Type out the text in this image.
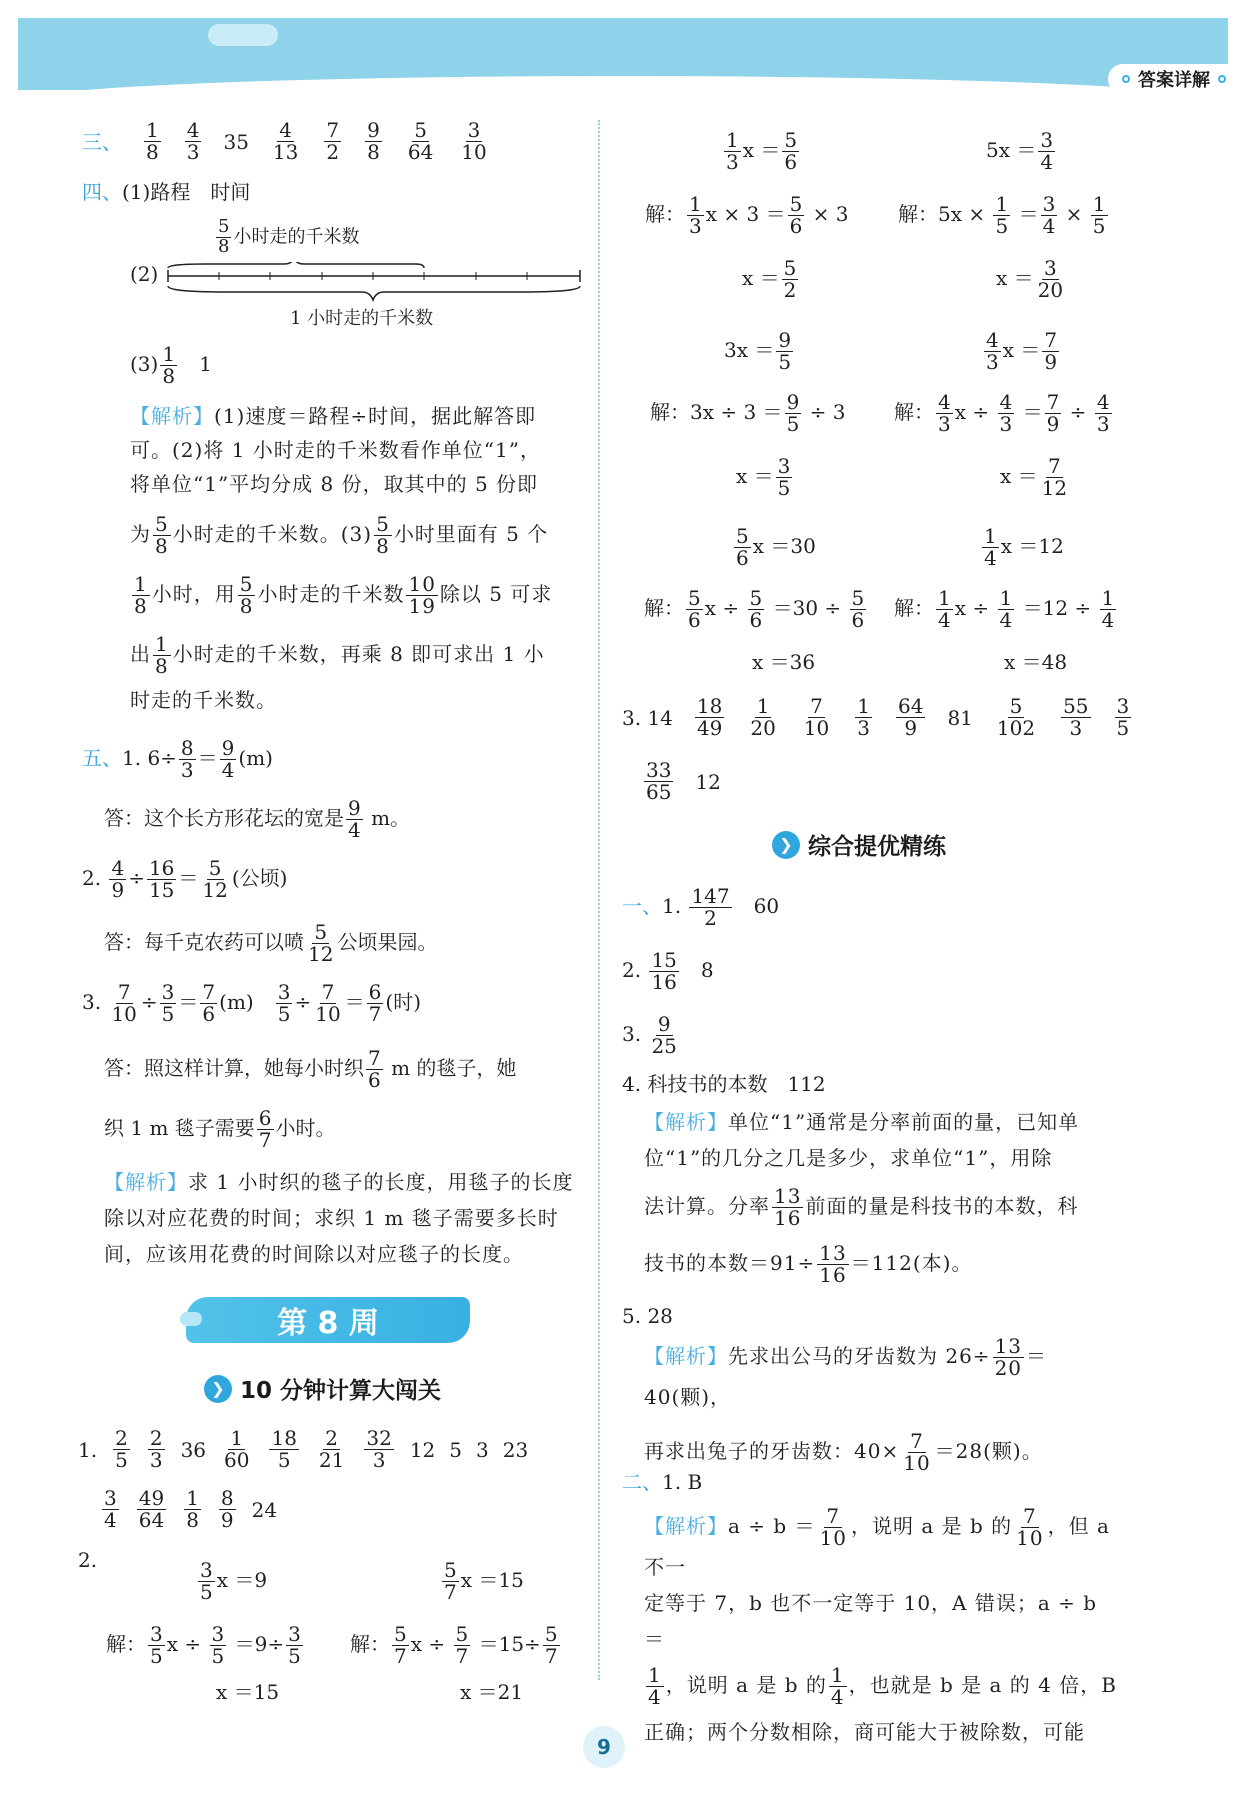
答案详解
三、 1
8
4
3 35 4
13
7
2
9
8
5
64
3
10
四、(1)路程　时间
$\frac{5}{8}$ 小时走的千米数
(2)
1 小时走的千米数
$(3) \frac{1}{8}$
　 1
【解析】(1)速度＝路程÷时间，据此解答即
可。(2)将 1 小时走的千米数看作单位“1”，
将单位“1”平均分成 8 份，取其中的 5 份即
为 $\frac{5}{8}$ 小时走的千米数。$(3) \frac{5}{8}$ 小时里面有 5 个
$\frac{1}{8}$ 小时，用 $\frac{5}{8}$ 小时走的千米数 $\frac{10}{19}$ 除以 5 可求
出 $\frac{1}{8}$ 小时走的千米数，再乘 8 即可求出 1 小
时走的千米数。
五、1. $6\div \frac{8}{3} = \frac{9}{4} (m)$
答：这个长方形花坛的宽是 $\frac{9}{4}$ m。
2. $\frac{4}{9} \div \frac{16}{15} = \frac{5}{12}$ (公顷)
答：每千克农药可以喷 $\frac{5}{12}$ 公顷果园。
3. $\frac{7}{10} \div \frac{3}{5} = \frac{7}{6} (m)$　 $\frac{3}{5} \div \frac{7}{10} = \frac{6}{7}$ (时)
答：照这样计算，她每小时织 $\frac{7}{6}$ m 的毯子，她
织 1 m 毯子需要 $\frac{6}{7}$ 小时。
【解析】求 1 小时织的毯子的长度，用毯子的长度
除以对应花费的时间；求织 1 m 毯子需要多长时
间，应该用花费的时间除以对应毯子的长度。
第 8 周
❯ 10 分钟计算大闯关
1. 2
5
2
3 36 1
60
18
5
2
21
32
3 12 5 3 23
3
4
49
64
1
8
8
9 24
2.	$\frac{3}{5}$ x ＝9	$\frac{5}{7}$ x ＝15
解： $\frac{3}{5}$ $x \div \frac{3}{5} =9\div \frac{3}{5}$ 解： $\frac{5}{7}$ $x \div \frac{5}{7} =15\div \frac{5}{7}$
x ＝15	x ＝21
$\frac{1}{3}$ $x = \frac{5}{6}$	$5x = \frac{3}{4}$
解： $\frac{1}{3}$ $x \times 3 = \frac{5}{6} \times 3$ 解：$5x \times \frac{1}{5} = \frac{3}{4} \times \frac{1}{5}$
$x = \frac{5}{2}$	$x = \frac{3}{20}$
$3x = \frac{9}{5}$	$\frac{4}{3}$ $x = \frac{7}{9}$
解：$3x \div 3 = \frac{9}{5} \div 3$ 解： $\frac{4}{3}$ $x \div \frac{4}{3} = \frac{7}{9} \div \frac{4}{3}$
$x = \frac{3}{5}$	$x = \frac{7}{12}$
$\frac{5}{6}$ x ＝30	$\frac{1}{4}$ x ＝12
解： $\frac{5}{6}$ $x \div \frac{5}{6} =30 \div \frac{5}{6}$ 解： $\frac{1}{4}$ $x \div \frac{1}{4} =12 \div \frac{1}{4}$
x ＝36	x ＝48
3. 14 18
49
1
20
7
10
1
3
64
9 81 5
102
55
3
3
5
33
65 12
❯ 综合提优精练
一、1. $\frac{147}{2}$
　 60
2. $\frac{15}{16}$
　 8
3. $\frac{9}{25}$
4. 科技书的本数　112
【解析】单位“1”通常是分率前面的量，已知单
位“1”的几分之几是多少，求单位“1”，用除
法计算。分率 $\frac{13}{16}$ 前面的量是科技书的本数，科
技书的本数$=91\div \frac{13}{16} =112$(本)。
5. 28
【解析】先求出公马的牙齿数为 $26\div \frac{13}{20} =40$(颗)，
再求出兔子的牙齿数：$40\times \frac{7}{10} =28$(颗)。
二、1. B
【解析】$a \div b = \frac{7}{10}$ ，说明 a 是 b 的 $\frac{7}{10}$ ，但 a 不一
定等于 7，b 也不一定等于 10，A 错误；a ÷ b ＝
$\frac{1}{4}$ ，说明 a 是 b 的 $\frac{1}{4}$ ，也就是 b 是 a 的 4 倍，B
正确；两个分数相除，商可能大于被除数，可能
9
